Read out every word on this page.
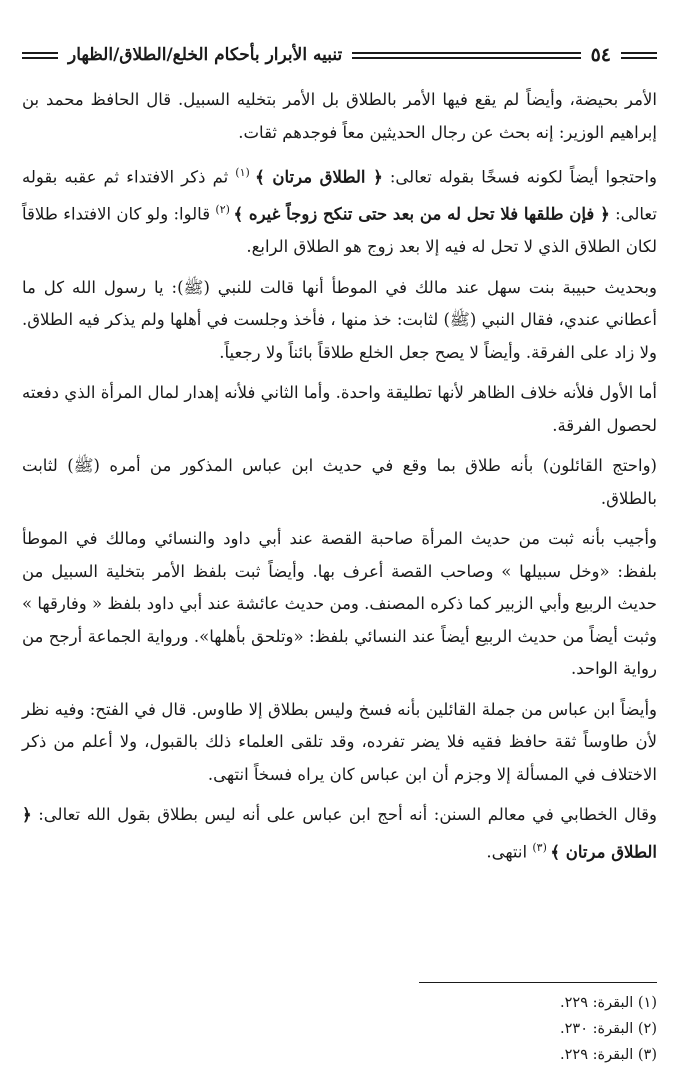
٥٤
تنبيه الأبرار بأحكام الخلع/الطلاق/الظهار

الأمر بحيضة، وأيضاً لم يقع فيها الأمر بالطلاق بل الأمر بتخليه السبيل. قال الحافظ محمد بن إبراهيم الوزير: إنه بحث عن رجال الحديثين معاً فوجدهم ثقات.

واحتجوا أيضاً لكونه فسخًا بقوله تعالى: ﴿ الطلاق مرتان ﴾ $^{(١)}$ ثم ذكر الافتداء ثم عقبه بقوله تعالى: ﴿ فإن طلقها فلا تحل له من بعد حتى تنكح زوجاً غيره ﴾ $^{(٢)}$ قالوا: ولو كان الافتداء طلاقاً لكان الطلاق الذي لا تحل له فيه إلا بعد زوج هو الطلاق الرابع.

وبحديث حبيبة بنت سهل عند مالك في الموطأ أنها قالت للنبي (ﷺ): يا رسول الله كل ما أعطاني عندي، فقال النبي (ﷺ) لثابت: خذ منها ، فأخذ وجلست في أهلها ولم يذكر فيه الطلاق. ولا زاد على الفرقة. وأيضاً لا يصح جعل الخلع طلاقاً بائناً ولا رجعياً.

أما الأول فلأنه خلاف الظاهر لأنها تطليقة واحدة. وأما الثاني فلأنه إهدار لمال المرأة الذي دفعته لحصول الفرقة.

(واحتج القائلون) بأنه طلاق بما وقع في حديث ابن عباس المذكور من أمره (ﷺ) لثابت بالطلاق.

وأجيب بأنه ثبت من حديث المرأة صاحبة القصة عند أبي داود والنسائي ومالك في الموطأ بلفظ: «وخل سبيلها » وصاحب القصة أعرف بها. وأيضاً ثبت بلفظ الأمر بتخلية السبيل من حديث الربيع وأبي الزبير كما ذكره المصنف. ومن حديث عائشة عند أبي داود بلفظ « وفارقها » وثبت أيضاً من حديث الربيع أيضاً عند النسائي بلفظ: «وتلحق بأهلها». ورواية الجماعة أرجح من رواية الواحد.

وأيضاً ابن عباس من جملة القائلين بأنه فسخ وليس بطلاق إلا طاوس. قال في الفتح: وفيه نظر لأن طاوساً ثقة حافظ فقيه فلا يضر تفرده، وقد تلقى العلماء ذلك بالقبول، ولا أعلم من ذكر الاختلاف في المسألة إلا وجزم أن ابن عباس كان يراه فسخاً انتهى.

وقال الخطابي في معالم السنن: أنه أحج ابن عباس على أنه ليس بطلاق بقول الله تعالى: ﴿ الطلاق مرتان ﴾ $^{(٣)}$ انتهى.

(١) البقرة: ٢٢٩.
(٢) البقرة: ٢٣٠.
(٣) البقرة: ٢٢٩.
